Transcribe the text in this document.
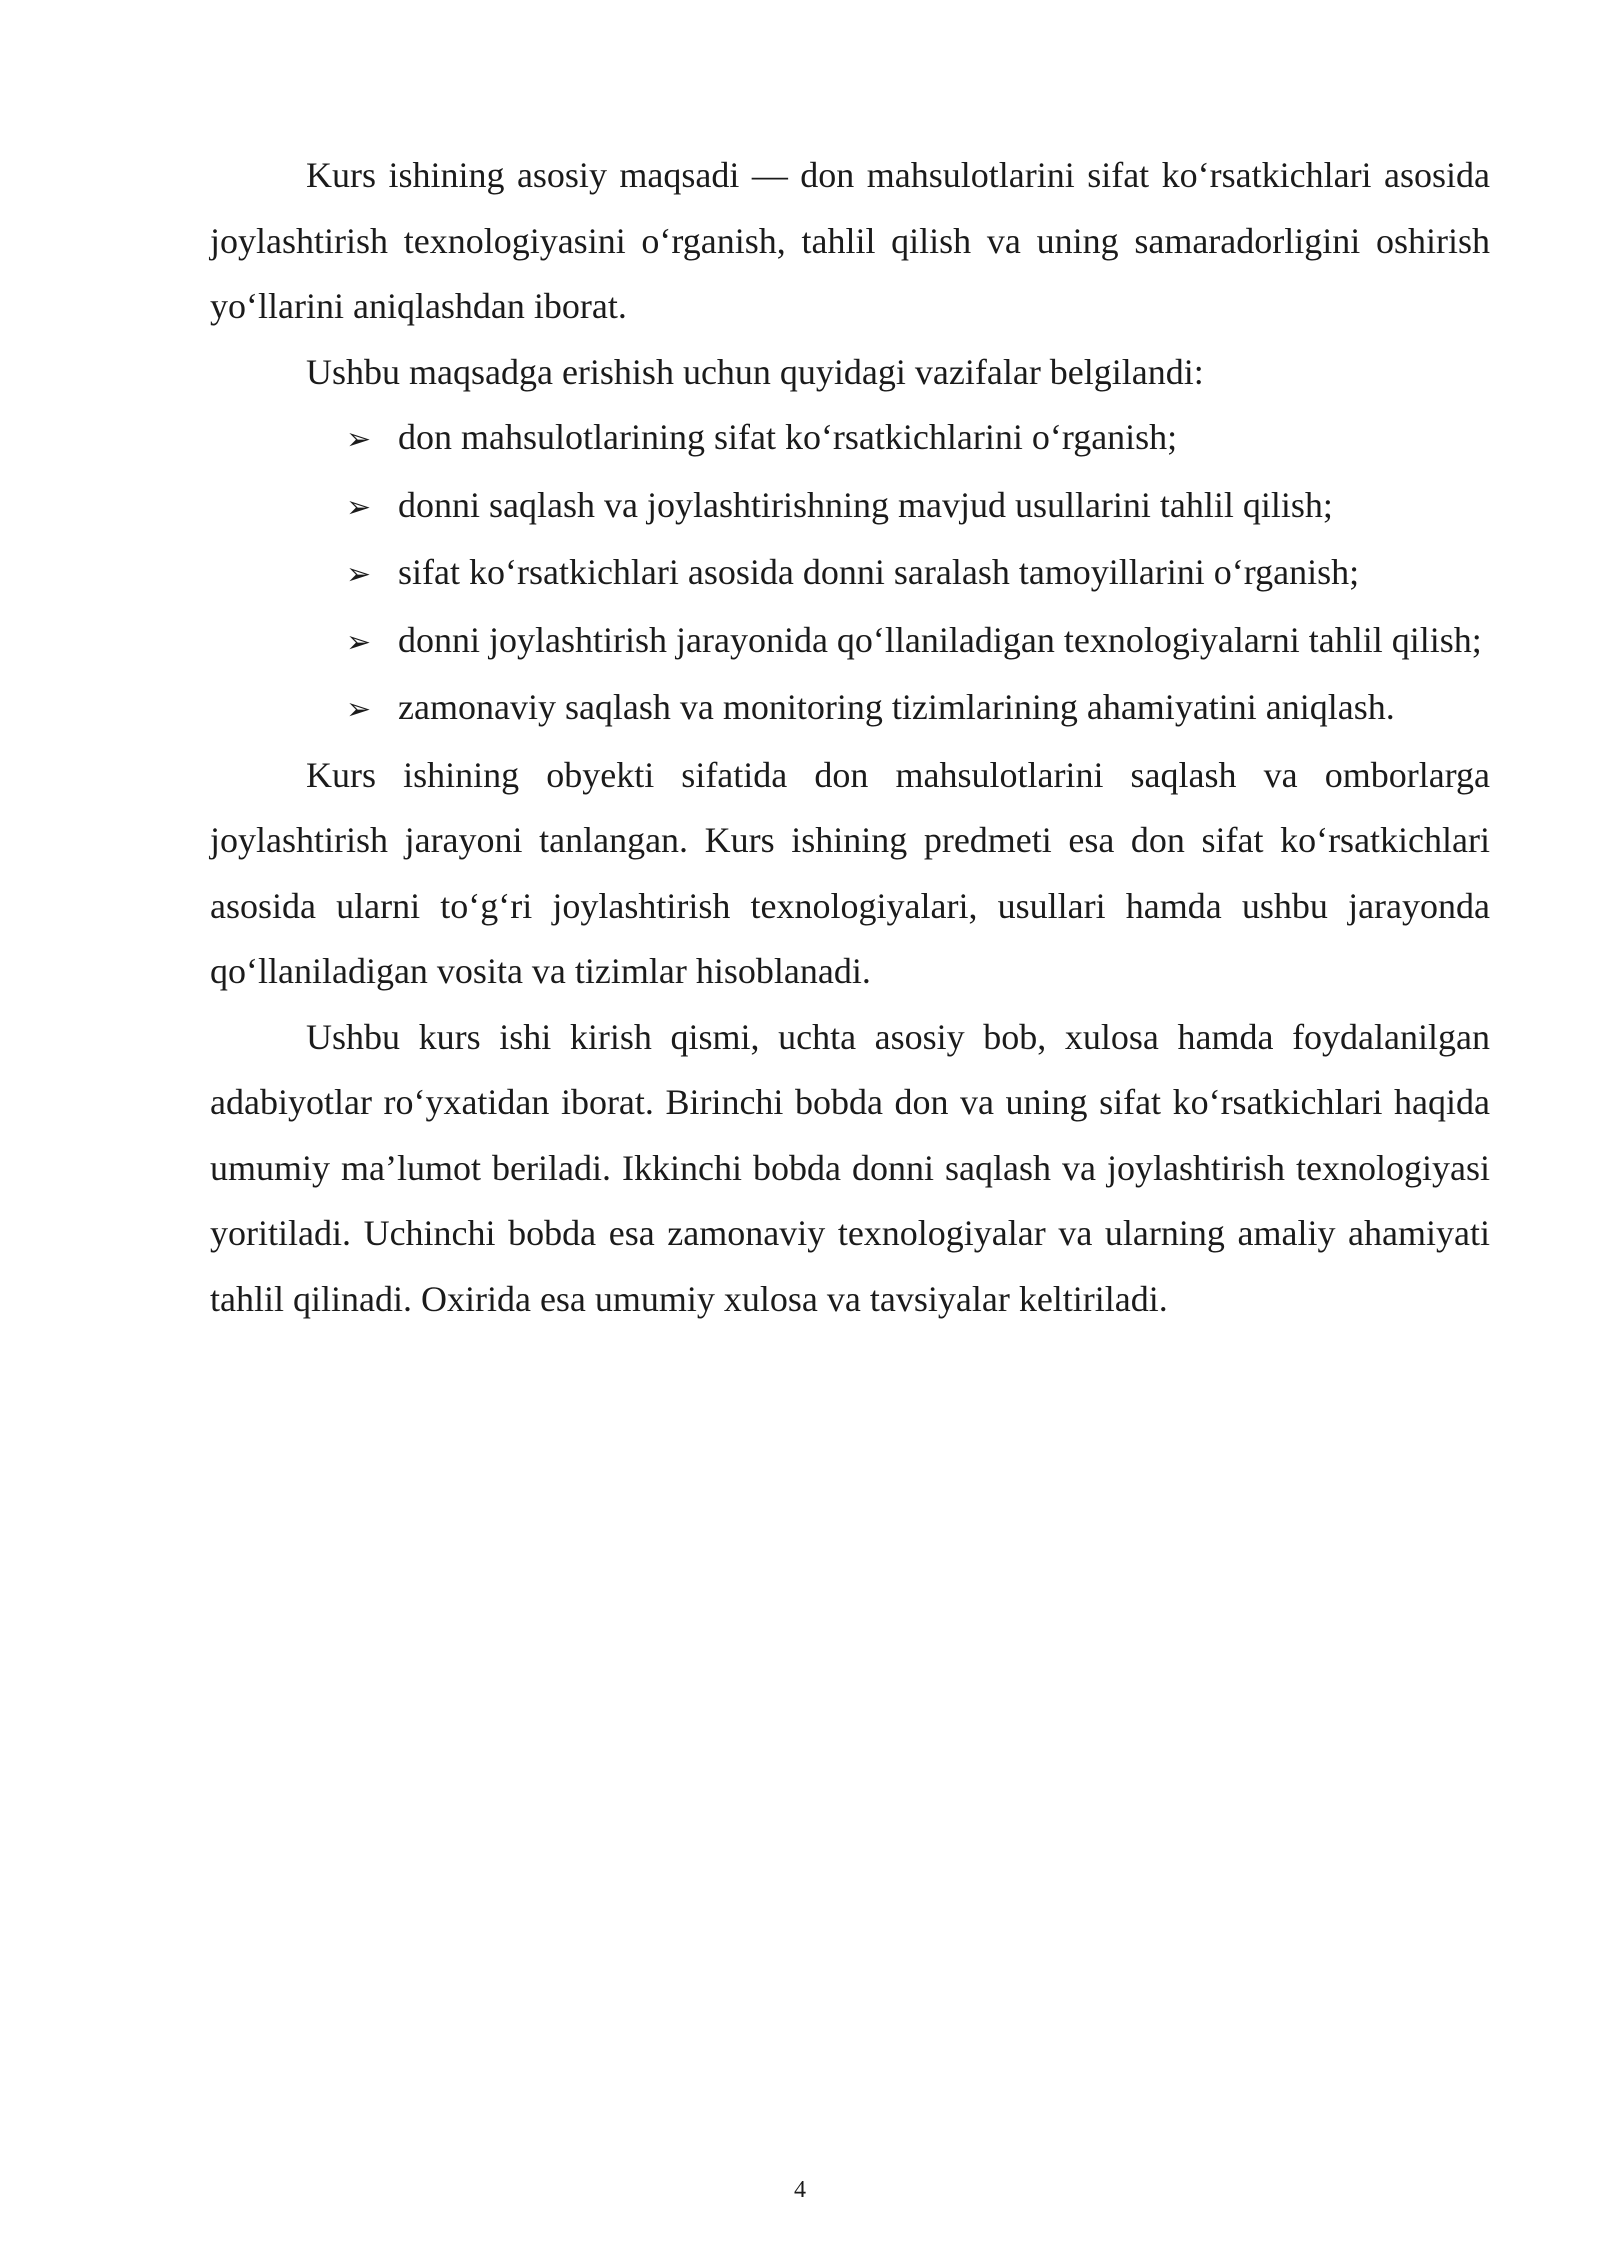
Kurs ishining asosiy maqsadi — don mahsulotlarini sifat ko‘rsatkichlari asosida joylashtirish texnologiyasini o‘rganish, tahlil qilish va uning samaradorligini oshirish yo‘llarini aniqlashdan iborat.

Ushbu maqsadga erishish uchun quyidagi vazifalar belgilandi:

➢ don mahsulotlarining sifat ko‘rsatkichlarini o‘rganish;
➢ donni saqlash va joylashtirishning mavjud usullarini tahlil qilish;
➢ sifat ko‘rsatkichlari asosida donni saralash tamoyillarini o‘rganish;
➢ donni joylashtirish jarayonida qo‘llaniladigan texnologiyalarni tahlil qilish;
➢ zamonaviy saqlash va monitoring tizimlarining ahamiyatini aniqlash.

Kurs ishining obyekti sifatida don mahsulotlarini saqlash va omborlarga joylashtirish jarayoni tanlangan. Kurs ishining predmeti esa don sifat ko‘rsatkichlari asosida ularni to‘g‘ri joylashtirish texnologiyalari, usullari hamda ushbu jarayonda qo‘llaniladigan vosita va tizimlar hisoblanadi.

Ushbu kurs ishi kirish qismi, uchta asosiy bob, xulosa hamda foydalanilgan adabiyotlar ro‘yxatidan iborat. Birinchi bobda don va uning sifat ko‘rsatkichlari haqida umumiy ma’lumot beriladi. Ikkinchi bobda donni saqlash va joylashtirish texnologiyasi yoritiladi. Uchinchi bobda esa zamonaviy texnologiyalar va ularning amaliy ahamiyati tahlil qilinadi. Oxirida esa umumiy xulosa va tavsiyalar keltiriladi.

4
